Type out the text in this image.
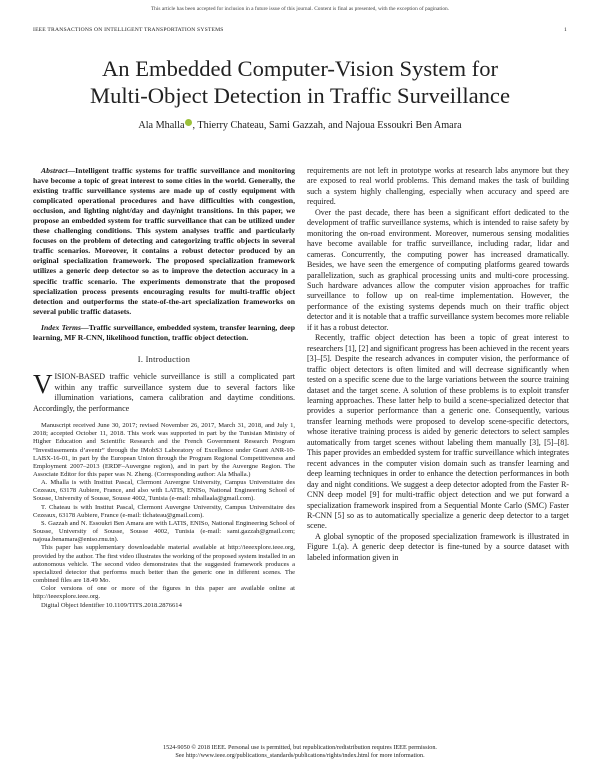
This article has been accepted for inclusion in a future issue of this journal. Content is final as presented, with the exception of pagination.
IEEE TRANSACTIONS ON INTELLIGENT TRANSPORTATION SYSTEMS	1
An Embedded Computer-Vision System for
Multi-Object Detection in Traffic Surveillance
Ala Mhalla , Thierry Chateau, Sami Gazzah, and Najoua Essoukri Ben Amara

Abstract—Intelligent traffic systems for traffic surveillance and monitoring have become a topic of great interest to some cities in the world. Generally, the existing traffic surveillance systems are made up of costly equipment with complicated operational procedures and have difficulties with congestion, occlusion, and lighting night/day and day/night transitions. In this paper, we propose an embedded system for traffic surveillance that can be utilized under these challenging conditions. This system analyses traffic and particularly focuses on the problem of detecting and categorizing traffic objects in several traffic scenarios. Moreover, it contains a robust detector produced by an original specialization framework. The proposed specialization framework utilizes a generic deep detector so as to improve the detection accuracy in a specific traffic scenario. The experiments demonstrate that the proposed specialization process presents encouraging results for multi-traffic object detection and outperforms the state-of-the-art specialization frameworks on several public traffic datasets.

Index Terms—Traffic surveillance, embedded system, transfer learning, deep learning, MF R-CNN, likelihood function, traffic object detection.

I. Introduction

VISION-BASED traffic vehicle surveillance is still a complicated part within any traffic surveillance system due to several factors like illumination variations, camera calibration and daytime conditions. Accordingly, the performance

Manuscript received June 30, 2017; revised November 26, 2017, March 31, 2018, and July 1, 2018; accepted October 11, 2018. This work was supported in part by the Tunisian Ministry of Higher Education and Scientific Research and the French Government Research Program “Investissements d’avenir” through the IMobS3 Laboratory of Excellence under Grant ANR-10-LABX-16-01, in part by the European Union through the Program Regional Competitiveness and Employment 2007–2013 (ERDF–Auvergne region), and in part by the Auvergne Region. The Associate Editor for this paper was N. Zheng. (Corresponding author: Ala Mhalla.)

A. Mhalla is with Institut Pascal, Clermont Auvergne University, Campus Universitaire des Cezeaux, 63178 Aubiere, France, and also with LATIS, ENISo, National Engineering School of Sousse, University of Sousse, Sousse 4002, Tunisia (e-mail: mhallaala@gmail.com).

T. Chateau is with Institut Pascal, Clermont Auvergne University, Campus Universitaire des Cezeaux, 63178 Aubiere, France (e-mail: tlchateau@gmail.com).

S. Gazzah and N. Essoukri Ben Amara are with LATIS, ENISo, National Engineering School of Sousse, University of Sousse, Sousse 4002, Tunisia (e-mail: sami.gazzah@gmail.com; najoua.benamara@eniso.rnu.tn).

This paper has supplementary downloadable material available at http://ieeexplore.ieee.org, provided by the author. The first video illustrates the working of the proposed system installed in an autonomous vehicle. The second video demonstrates that the suggested framework produces a specialized detector that performs much better than the generic one in different scenes. The combined files are 18.49 Mo.

Color versions of one or more of the figures in this paper are available online at http://ieeexplore.ieee.org.

Digital Object Identifier 10.1109/TITS.2018.2876614

requirements are not left in prototype works at research labs anymore but they are exposed to real world problems. This demand makes the task of building such a system highly challenging, especially when accuracy and speed are required.

Over the past decade, there has been a significant effort dedicated to the development of traffic surveillance systems, which is intended to raise safety by monitoring the on-road environment. Moreover, numerous sensing modalities have become available for traffic surveillance, including radar, lidar and cameras. Concurrently, the computing power has increased dramatically. Besides, we have seen the emergence of computing platforms geared towards parallelization, such as graphical processing units and multi-core processing. Such hardware advances allow the computer vision approaches for traffic surveillance to follow up on real-time implementation. However, the performance of the existing systems depends much on their traffic object detector and it is notable that a traffic surveillance system becomes more reliable if it has a robust detector.

Recently, traffic object detection has been a topic of great interest to researchers [1], [2] and significant progress has been achieved in the recent years [3]–[5]. Despite the research advances in computer vision, the performance of traffic object detectors is often limited and will decrease significantly when tested on a specific scene due to the large variations between the source training dataset and the target scene. A solution of these problems is to exploit transfer learning approaches. These latter help to build a scene-specialized detector that provides a superior performance than a generic one. Consequently, various transfer learning methods were proposed to develop scene-specific detectors, whose iterative training process is aided by generic detectors to select samples automatically from target scenes without labeling them manually [3], [5]–[8]. This paper provides an embedded system for traffic surveillance which integrates recent advances in the computer vision domain such as transfer learning and deep learning techniques in order to enhance the detection performances in both day and night conditions. We suggest a deep detector adopted from the Faster R-CNN deep model [9] for multi-traffic object detection and we put forward a specialization framework inspired from a Sequential Monte Carlo (SMC) Faster R-CNN [5] so as to automatically specialize a generic deep detector to a target scene.

A global synoptic of the proposed specialization framework is illustrated in Figure 1.(a). A generic deep detector is fine-tuned by a source dataset with labeled information given in

1524-9050 © 2018 IEEE. Personal use is permitted, but republication/redistribution requires IEEE permission.
See http://www.ieee.org/publications_standards/publications/rights/index.html for more information.
